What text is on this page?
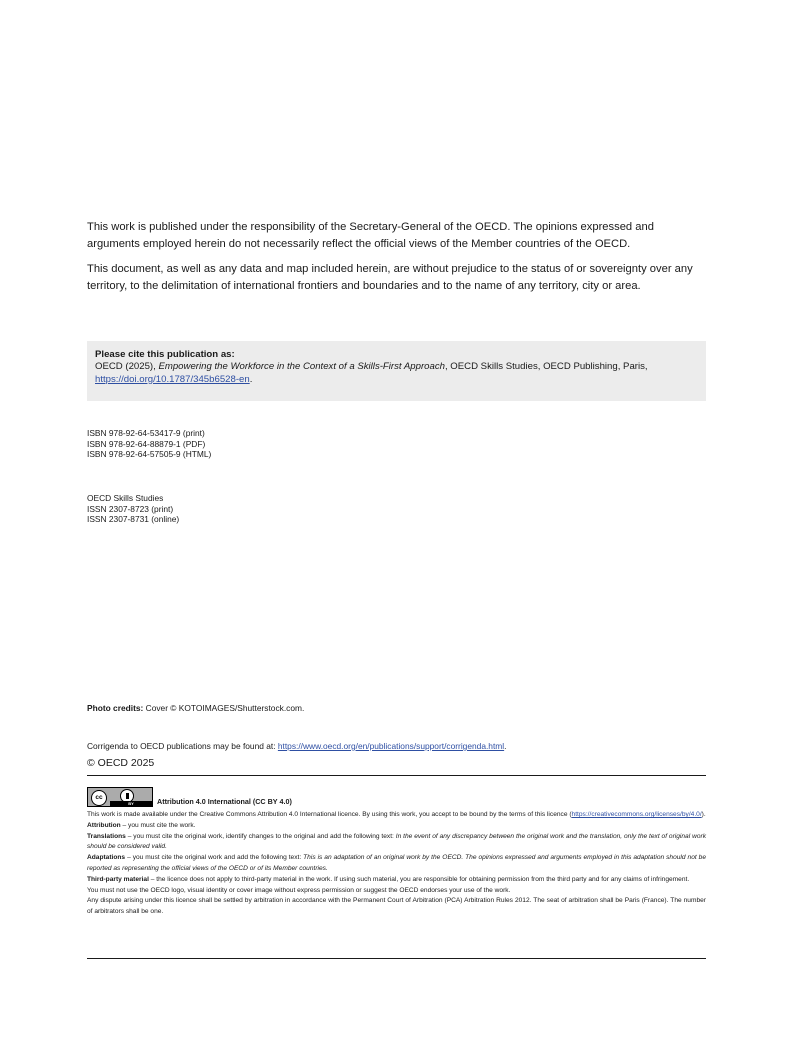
This work is published under the responsibility of the Secretary-General of the OECD. The opinions expressed and arguments employed herein do not necessarily reflect the official views of the Member countries of the OECD.

This document, as well as any data and map included herein, are without prejudice to the status of or sovereignty over any territory, to the delimitation of international frontiers and boundaries and to the name of any territory, city or area.

Please cite this publication as:
OECD (2025), Empowering the Workforce in the Context of a Skills-First Approach, OECD Skills Studies, OECD Publishing, Paris,
https://doi.org/10.1787/345b6528-en.
ISBN 978-92-64-53417-9 (print)
ISBN 978-92-64-88879-1 (PDF)
ISBN 978-92-64-57505-9 (HTML)
OECD Skills Studies
ISSN 2307-8723 (print)
ISSN 2307-8731 (online)
Photo credits: Cover © KOTOIMAGES/Shutterstock.com.
Corrigenda to OECD publications may be found at: https://www.oecd.org/en/publications/support/corrigenda.html.
© OECD 2025
cc
BY	Attribution 4.0 International (CC BY 4.0)

This work is made available under the Creative Commons Attribution 4.0 International licence. By using this work, you accept to be bound by the terms of this licence (https://creativecommons.org/licenses/by/4.0/).

Attribution – you must cite the work.

Translations – you must cite the original work, identify changes to the original and add the following text: In the event of any discrepancy between the original work and the translation, only the text of original work should be considered valid.

Adaptations – you must cite the original work and add the following text: This is an adaptation of an original work by the OECD. The opinions expressed and arguments employed in this adaptation should not be reported as representing the official views of the OECD or of its Member countries.

Third-party material – the licence does not apply to third-party material in the work. If using such material, you are responsible for obtaining permission from the third party and for any claims of infringement.

You must not use the OECD logo, visual identity or cover image without express permission or suggest the OECD endorses your use of the work.

Any dispute arising under this licence shall be settled by arbitration in accordance with the Permanent Court of Arbitration (PCA) Arbitration Rules 2012. The seat of arbitration shall be Paris (France). The number of arbitrators shall be one.
